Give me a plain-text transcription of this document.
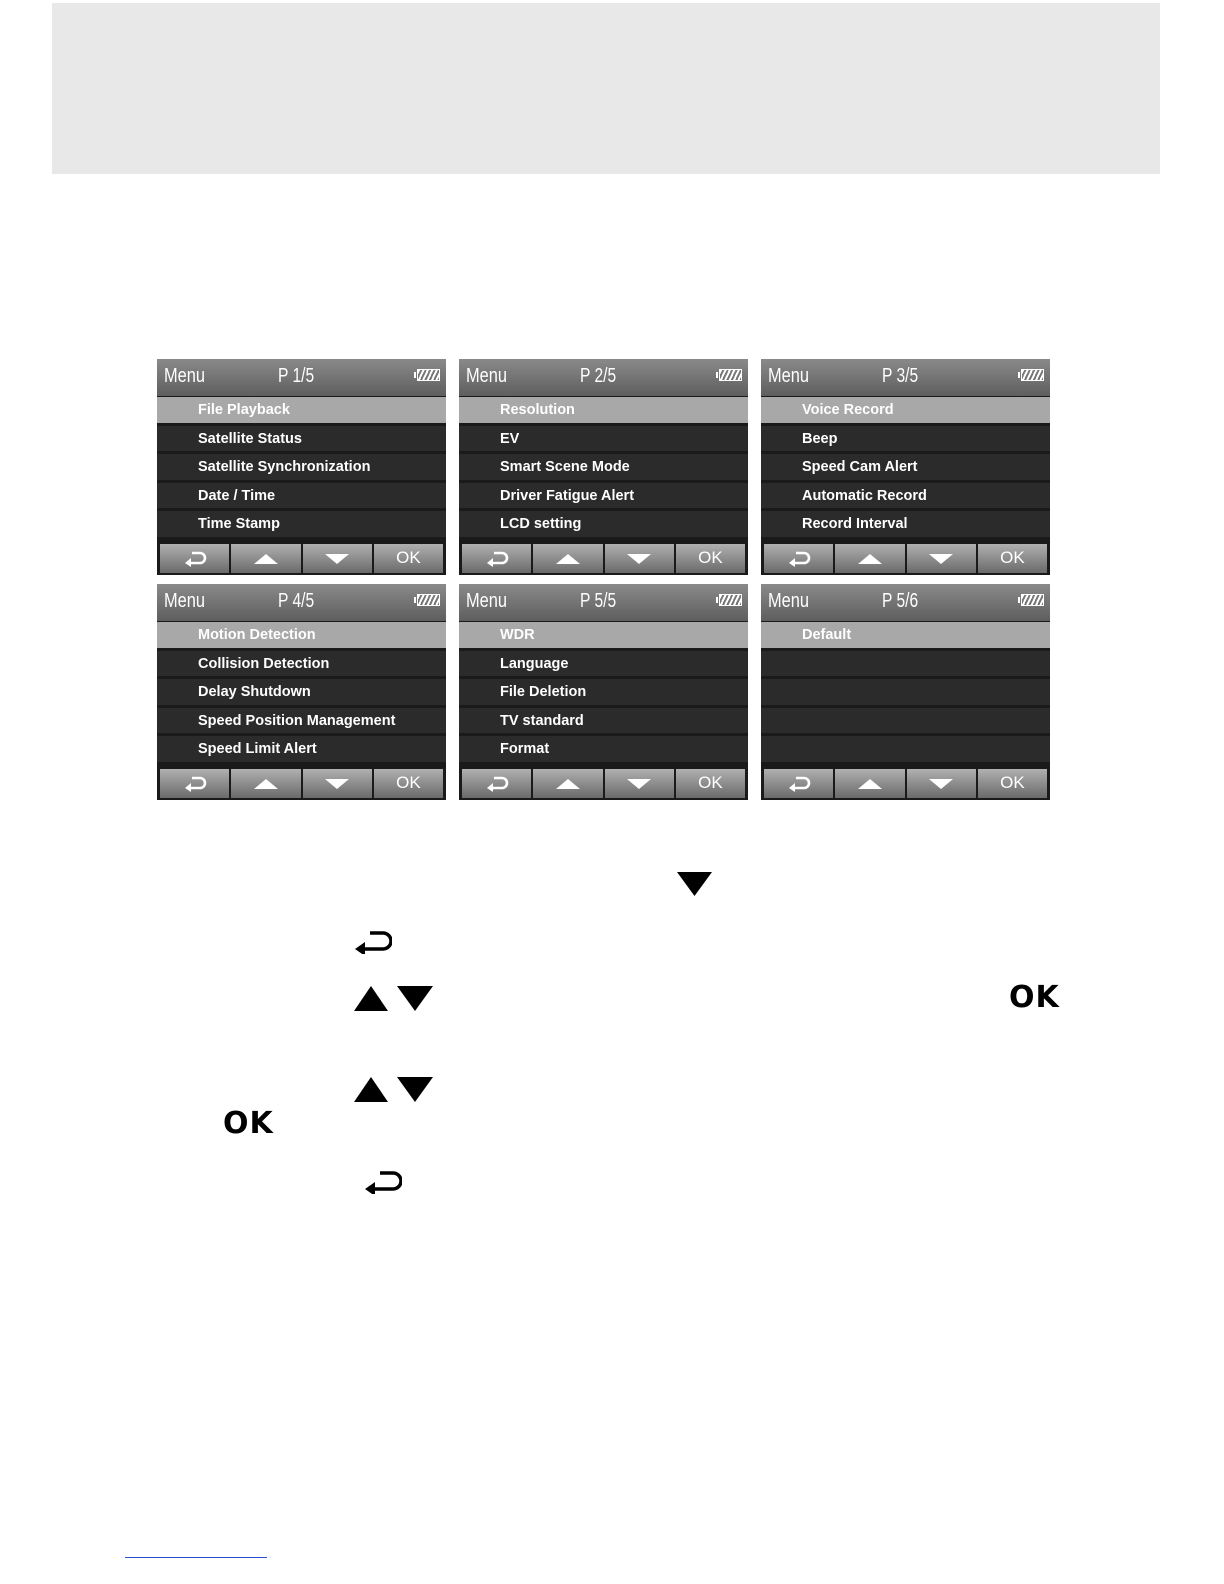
Menu	P 1/5
File Playback
Satellite Status
Satellite Synchronization
Date / Time
Time Stamp
OK
Menu	P 2/5
Resolution
EV
Smart Scene Mode
Driver Fatigue Alert
LCD setting
OK
Menu	P 3/5
Voice Record
Beep
Speed Cam Alert
Automatic Record
Record Interval
OK
Menu	P 4/5
Motion Detection
Collision Detection
Delay Shutdown
Speed Position Management
Speed Limit Alert
OK
Menu	P 5/5
WDR
Language
File Deletion
TV standard
Format
OK
Menu	P 5/6
Default
OK
OK
OK
